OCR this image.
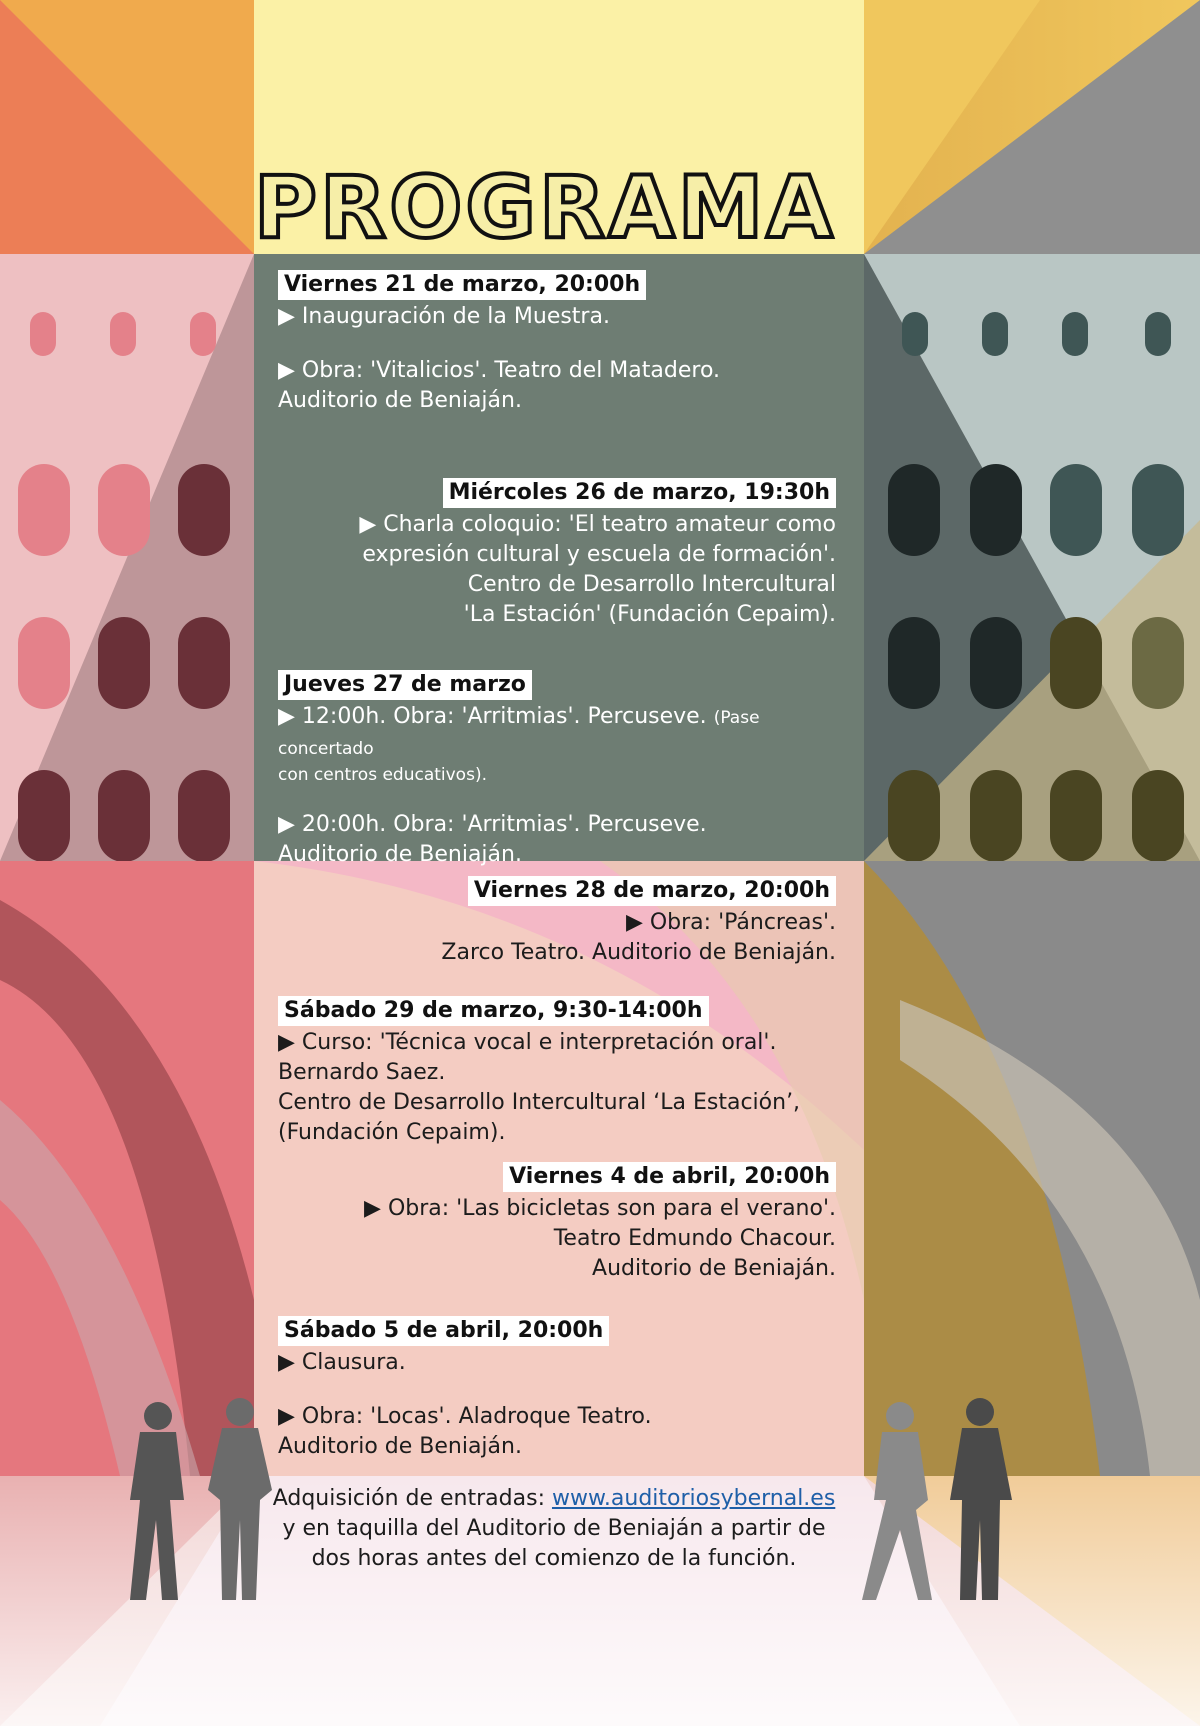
PROGRAMA
Viernes 21 de marzo, 20:00h

▶ Inauguración de la Muestra.

▶ Obra: 'Vitalicios'. Teatro del Matadero.

Auditorio de Beniaján.

Miércoles 26 de marzo, 19:30h

▶ Charla coloquio: 'El teatro amateur como

expresión cultural y escuela de formación'.

Centro de Desarrollo Intercultural

'La Estación' (Fundación Cepaim).

Jueves 27 de marzo

▶ 12:00h. Obra: 'Arritmias'. Percuseve. (Pase concertado

con centros educativos).

▶ 20:00h. Obra: 'Arritmias'. Percuseve.

Auditorio de Beniaján.

Viernes 28 de marzo, 20:00h

▶ Obra: 'Páncreas'.

Zarco Teatro. Auditorio de Beniaján.

Sábado 29 de marzo, 9:30-14:00h

▶ Curso: 'Técnica vocal e interpretación oral'.

Bernardo Saez.

Centro de Desarrollo Intercultural ‘La Estación’,

(Fundación Cepaim).

Viernes 4 de abril, 20:00h

▶ Obra: 'Las bicicletas son para el verano'.

Teatro Edmundo Chacour.

Auditorio de Beniaján.

Sábado 5 de abril, 20:00h

▶ Clausura.

▶ Obra: 'Locas'. Aladroque Teatro.

Auditorio de Beniaján.

Adquisición de entradas: www.auditoriosybernal.es

y en taquilla del Auditorio de Beniaján a partir de

dos horas antes del comienzo de la función.
